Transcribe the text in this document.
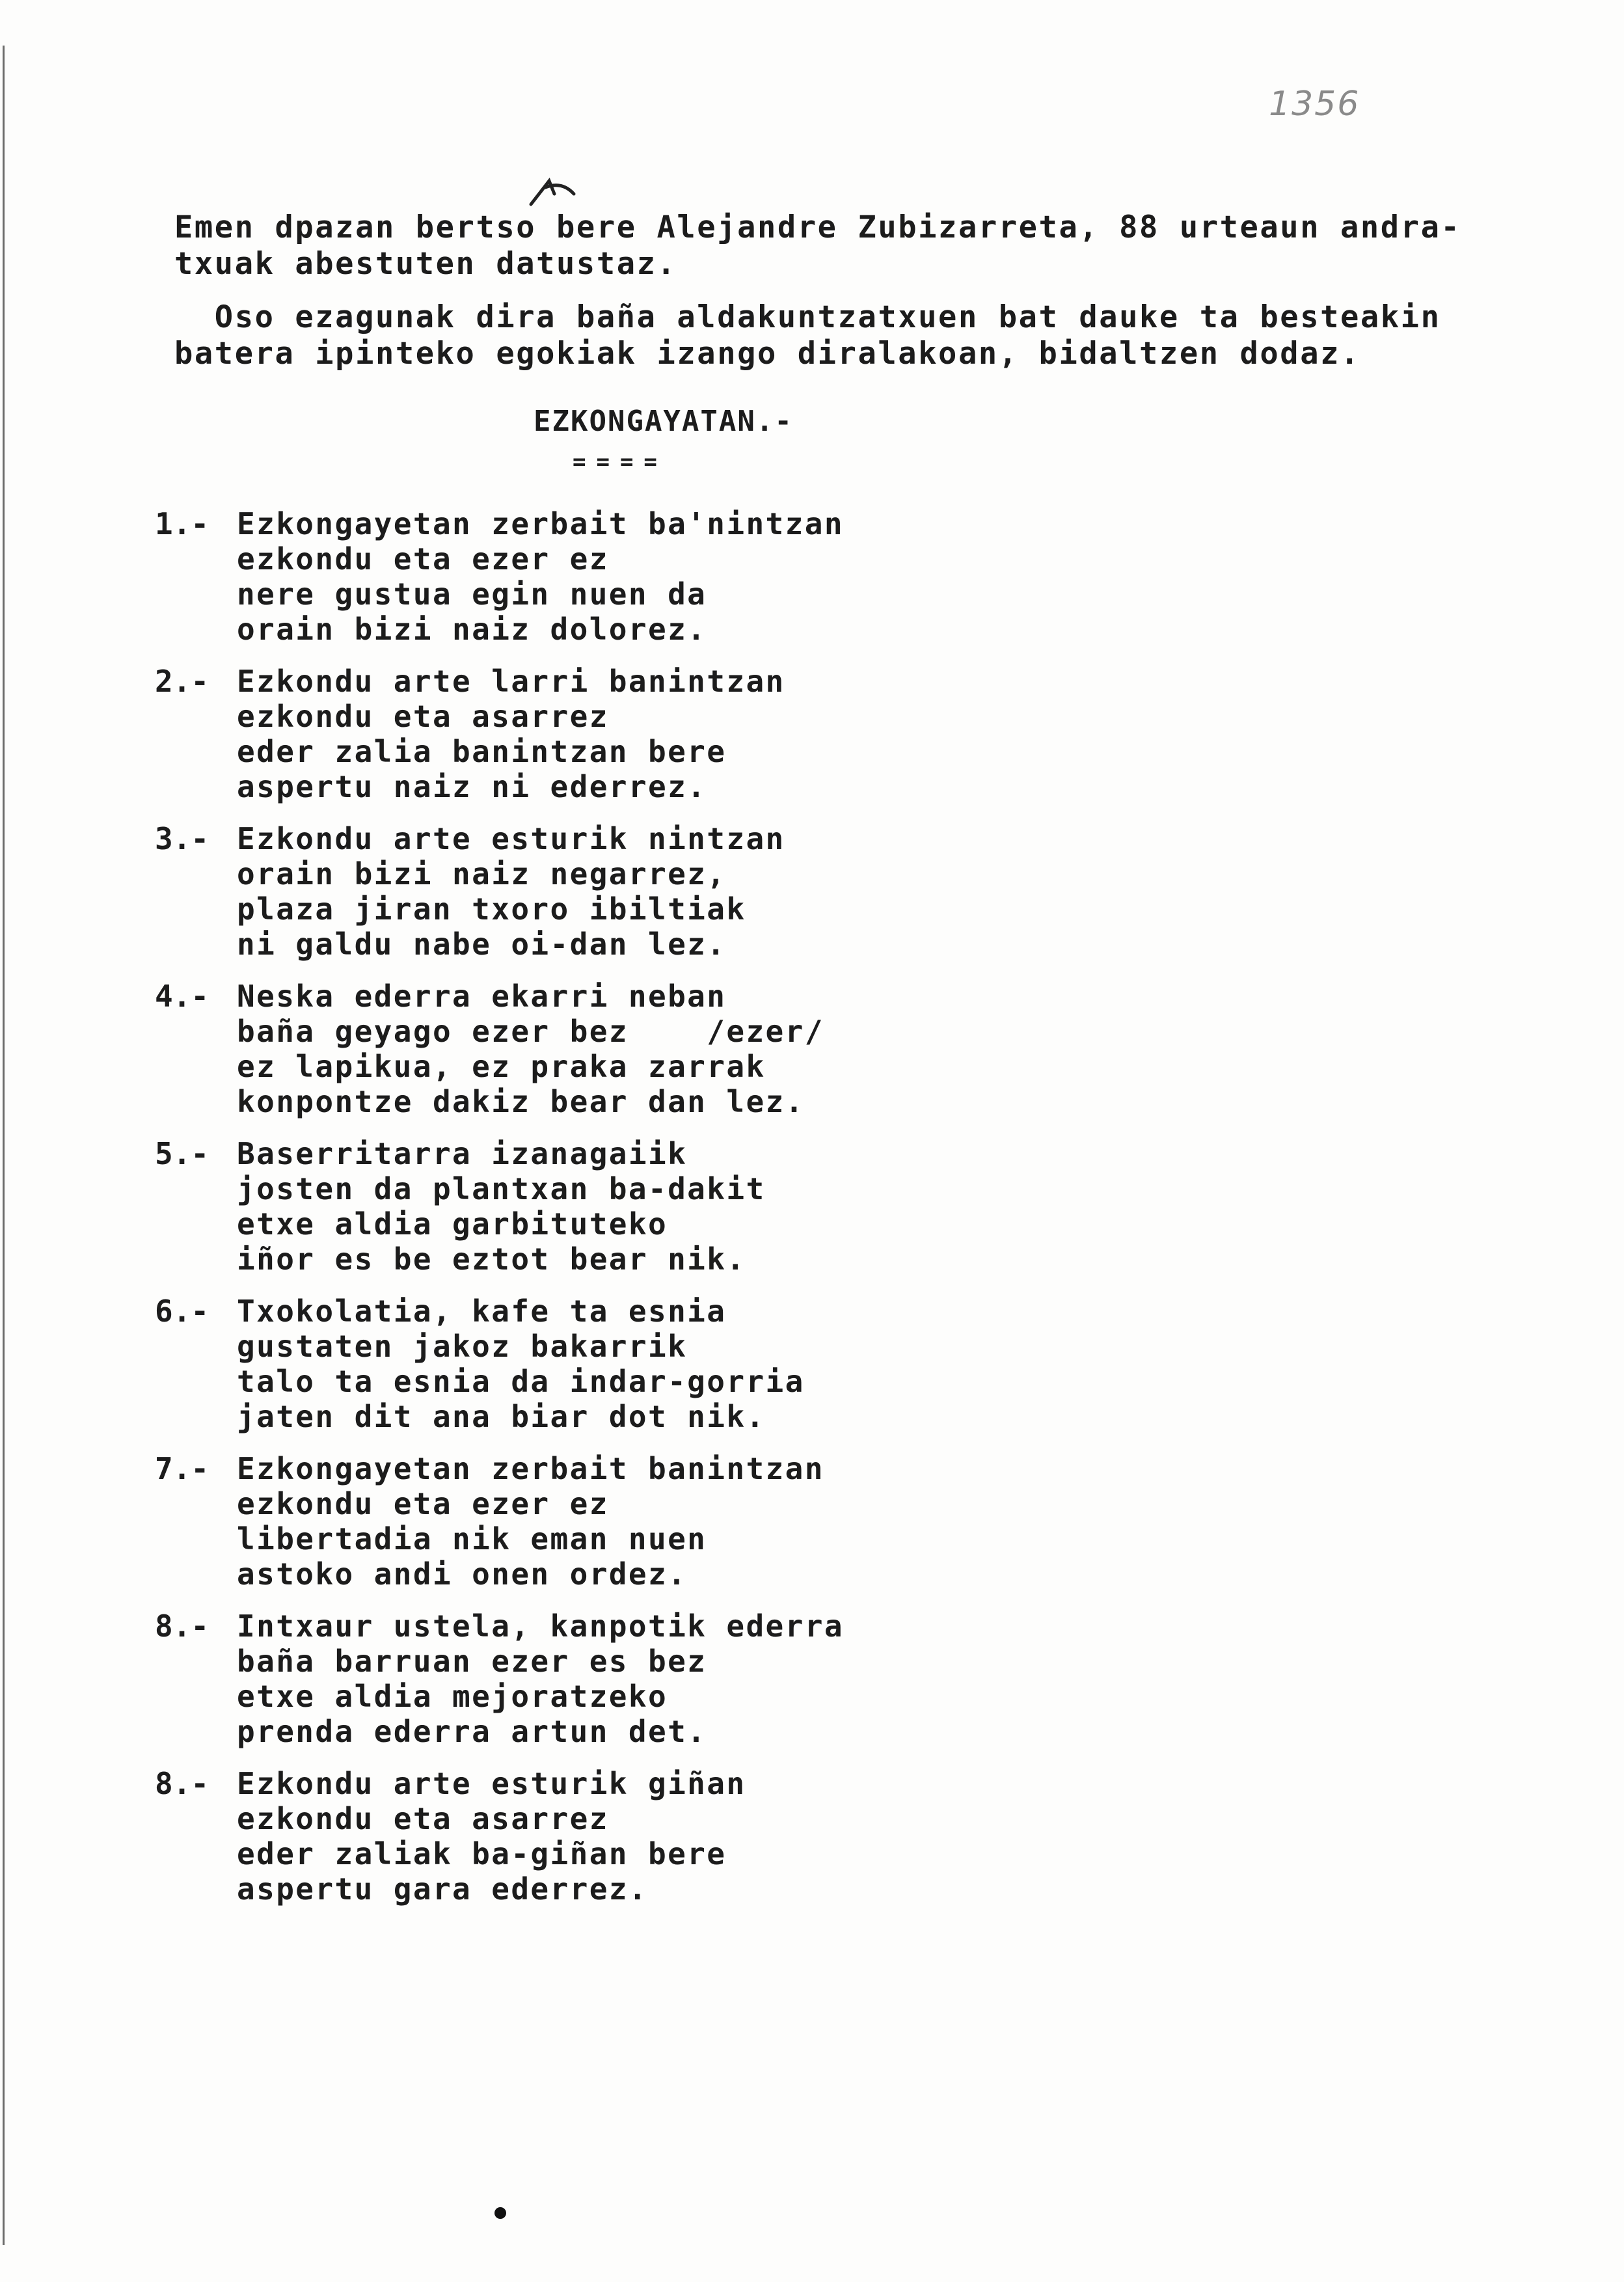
1356
Emen dpazan bertso bere Alejandre Zubizarreta, 88 urteaun andra-
txuak abestuten datustaz.
Oso ezagunak dira baña aldakuntzatxuen bat dauke ta besteakin
batera ipinteko egokiak izango diralakoan, bidaltzen dodaz.
EZKONGAYATAN.-
====
1.- Ezkongayetan zerbait ba'nintzan
ezkondu eta ezer ez
nere gustua egin nuen da
orain bizi naiz dolorez.
2.- Ezkondu arte larri banintzan
ezkondu eta asarrez
eder zalia banintzan bere
aspertu naiz ni ederrez.
3.- Ezkondu arte esturik nintzan
orain bizi naiz negarrez,
plaza jiran txoro ibiltiak
ni galdu nabe oi-dan lez.
4.- Neska ederra ekarri neban
baña geyago ezer bez    /ezer/
ez lapikua, ez praka zarrak
konpontze dakiz bear dan lez.
5.- Baserritarra izanagaiik
josten da plantxan ba-dakit
etxe aldia garbituteko
iñor es be eztot bear nik.
6.- Txokolatia, kafe ta esnia
gustaten jakoz bakarrik
talo ta esnia da indar-gorria
jaten dit ana biar dot nik.
7.- Ezkongayetan zerbait banintzan
ezkondu eta ezer ez
libertadia nik eman nuen
astoko andi onen ordez.
8.- Intxaur ustela, kanpotik ederra
baña barruan ezer es bez
etxe aldia mejoratzeko
prenda ederra artun det.
8.- Ezkondu arte esturik giñan
ezkondu eta asarrez
eder zaliak ba-giñan bere
aspertu gara ederrez.
